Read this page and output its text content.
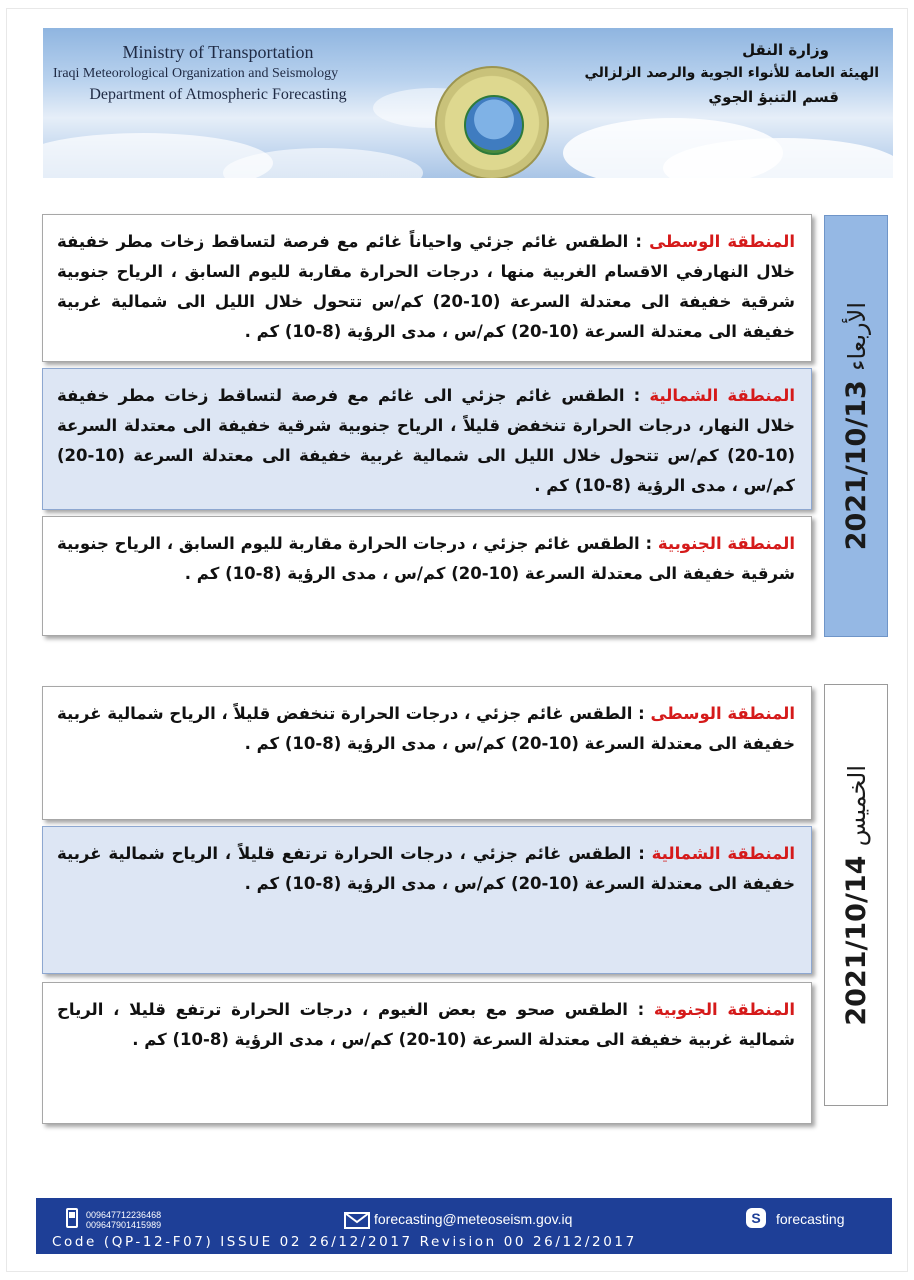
Ministry of Transportation
Iraqi Meteorological Organization and Seismology
Department of Atmospheric Forecasting
وزارة النقل
الهيئة العامة للأنواء الجوية والرصد الزلزالي
قسم التنبؤ الجوي
2021/10/13 الأربعاء
المنطقة الوسطى : الطقس غائم جزئي واحياناً غائم مع فرصة لتساقط زخات مطر خفيفة خلال النهارفي الاقسام الغربية منها ، درجات الحرارة مقاربة لليوم السابق ، الرياح جنوبية شرقية خفيفة الى معتدلة السرعة (10-20) كم/س تتحول خلال الليل الى شمالية غربية خفيفة الى معتدلة السرعة (10-20) كم/س ، مدى الرؤية (8-10) كم .
المنطقة الشمالية : الطقس غائم جزئي الى غائم مع فرصة لتساقط زخات مطر خفيفة خلال النهار، درجات الحرارة تنخفض قليلاً ، الرياح جنوبية شرقية خفيفة الى معتدلة السرعة (10-20) كم/س تتحول خلال الليل الى شمالية غربية خفيفة الى معتدلة السرعة (10-20) كم/س ، مدى الرؤية (8-10) كم .
المنطقة الجنوبية : الطقس غائم جزئي ، درجات الحرارة مقاربة لليوم السابق ، الرياح جنوبية شرقية خفيفة الى معتدلة السرعة (10-20) كم/س ، مدى الرؤية (8-10) كم .
2021/10/14 الخميس
المنطقة الوسطى : الطقس غائم جزئي ، درجات الحرارة تنخفض قليلاً ، الرياح شمالية غربية خفيفة الى معتدلة السرعة (10-20) كم/س ، مدى الرؤية (8-10) كم .
المنطقة الشمالية : الطقس غائم جزئي ، درجات الحرارة ترتفع قليلاً ، الرياح شمالية غربية خفيفة الى معتدلة السرعة (10-20) كم/س ، مدى الرؤية (8-10) كم .
المنطقة الجنوبية : الطقس صحو مع بعض الغيوم ، درجات الحرارة ترتفع قليلا ، الرياح شمالية غربية خفيفة الى معتدلة السرعة (10-20) كم/س ، مدى الرؤية (8-10) كم .
009647712236468
009647901415989	forecasting@meteoseism.gov.iq	S	forecasting
Code (QP-12-F07) ISSUE 02 26/12/2017 Revision 00 26/12/2017
